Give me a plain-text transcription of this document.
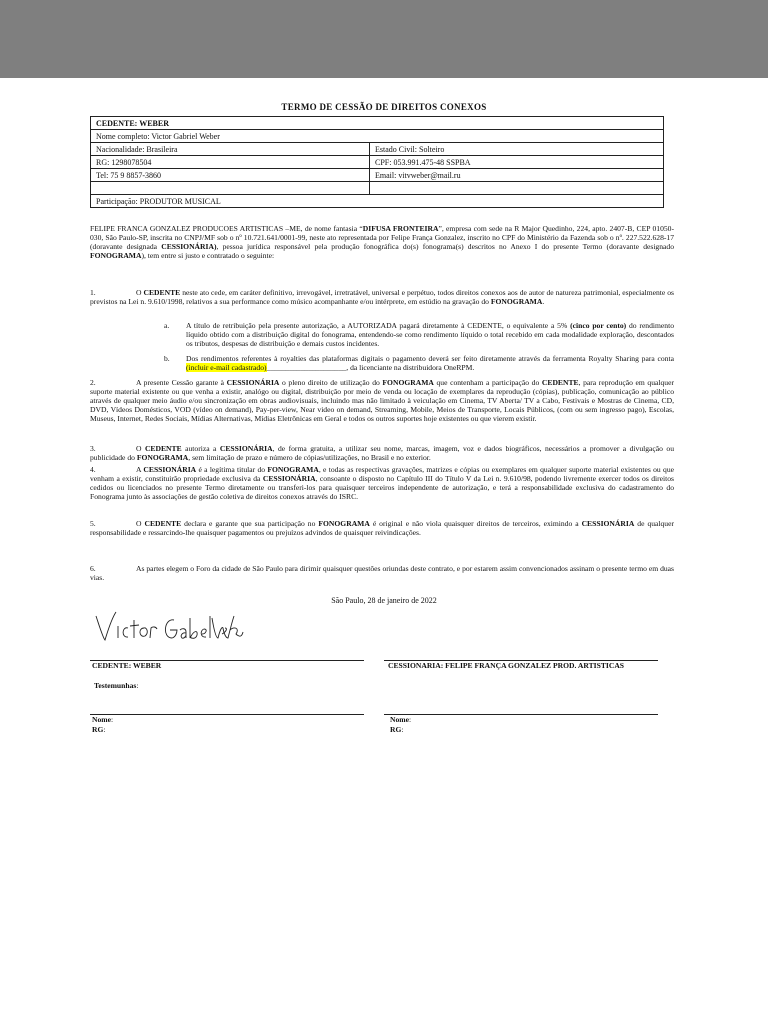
TERMO DE CESSÃO DE DIREITOS CONEXOS
CEDENTE: WEBER	
Nome completo: Victor Gabriel Weber	
Nacionalidade: Brasileira	Estado Civil: Solteiro
RG: 1298078504	CPF: 053.991.475-48 SSPBA
Tel: 75 9 8857-3860	Email: vitvweber@mail.ru

Participação: PRODUTOR MUSICAL	
FELIPE FRANCA GONZALEZ PRODUCOES ARTISTICAS –ME, de nome fantasia “DIFUSA FRONTEIRA”, empresa com sede na R Major Quedinho, 224, apto. 2407-B, CEP 01050-030, São Paulo-SP, inscrita no CNPJ/MF sob o nº 10.721.641/0001-99, neste ato representada por Felipe França Gonzalez, inscrito no CPF do Ministério da Fazenda sob o nº. 227.522.628-17 (doravante designada CESSIONÁRIA), pessoa jurídica responsável pela produção fonográfica do(s) fonograma(s) descritos no Anexo I do presente Termo (doravante designado FONOGRAMA), tem entre si justo e contratado o seguinte:
1.	O CEDENTE neste ato cede, em caráter definitivo, irrevogável, irretratável, universal e perpétuo, todos direitos conexos aos de autor de natureza patrimonial, especialmente os previstos na Lei n. 9.610/1998, relativos a sua performance como músico acompanhante e/ou intérprete, em estúdio na gravação do FONOGRAMA.
a. A título de retribuição pela presente autorização, a AUTORIZADA pagará diretamente à CEDENTE, o equivalente a 5% (cinco por cento) do rendimento líquido obtido com a distribuição digital do fonograma, entendendo-se como rendimento líquido o total recebido em cada modalidade exploração, descontados os tributos, despesas de distribuição e demais custos incidentes.
b. Dos rendimentos referentes à royalties das plataformas digitais o pagamento deverá ser feito diretamente através da ferramenta Royalty Sharing para conta (incluir e-mail cadastrado)_____________________, da licenciante na distribuidora OneRPM.
2.	A presente Cessão garante à CESSIONÁRIA o pleno direito de utilização do FONOGRAMA que contenham a participação do CEDENTE, para reprodução em qualquer suporte material existente ou que venha a existir, analógo ou digital, distribuição por meio de venda ou locação de exemplares da reprodução (cópias), publicação, comunicação ao público através de qualquer meio áudio e/ou sincronização em obras audiovisuais, incluindo mas não limitado à veiculação em Cinema, TV Aberta/ TV a Cabo, Festivais e Mostras de Cinema, CD, DVD, Vídeos Domésticos, VOD (vídeo on demand), Pay-per-view, Near video on demand, Streaming, Mobile, Meios de Transporte, Locais Públicos, (com ou sem ingresso pago), Escolas, Museus, Internet, Redes Sociais, Mídias Alternativas, Mídias Eletrônicas em Geral e todos os outros suportes hoje existentes ou que vierem existir.
3.	O CEDENTE autoriza a CESSIONÁRIA, de forma gratuita, a utilizar seu nome, marcas, imagem, voz e dados biográficos, necessários a promover a divulgação ou publicidade do FONOGRAMA, sem limitação de prazo e número de cópias/utilizações, no Brasil e no exterior.
4.	A CESSIONÁRIA é a legítima titular do FONOGRAMA, e todas as respectivas gravações, matrizes e cópias ou exemplares em qualquer suporte material existentes ou que venham a existir, constituirão propriedade exclusiva da CESSIONÁRIA, consoante o disposto no Capítulo III do Título V da Lei n. 9.610/98, podendo livremente exercer todos os direitos cedidos ou licenciados no presente Termo diretamente ou transferi-los para quaisquer terceiros independente de autorização, e terá a responsabilidade exclusiva do cadastramento do Fonograma junto às associações de gestão coletiva de direitos conexos através do ISRC.
5.	O CEDENTE declara e garante que sua participação no FONOGRAMA é original e não viola quaisquer direitos de terceiros, eximindo a CESSIONÁRIA de qualquer responsabilidade e ressarcindo-lhe quaisquer pagamentos ou prejuízos advindos de quaisquer reivindicações.
6.	As partes elegem o Foro da cidade de São Paulo para dirimir quaisquer questões oriundas deste contrato, e por estarem assim convencionados assinam o presente termo em duas vias.
São Paulo, 28 de janeiro de 2022
CEDENTE: WEBER	CESSIONARIA: FELIPE FRANÇA GONZALEZ PROD. ARTISTICAS
Testemunhas:
Nome:
RG:
Nome:
RG:
